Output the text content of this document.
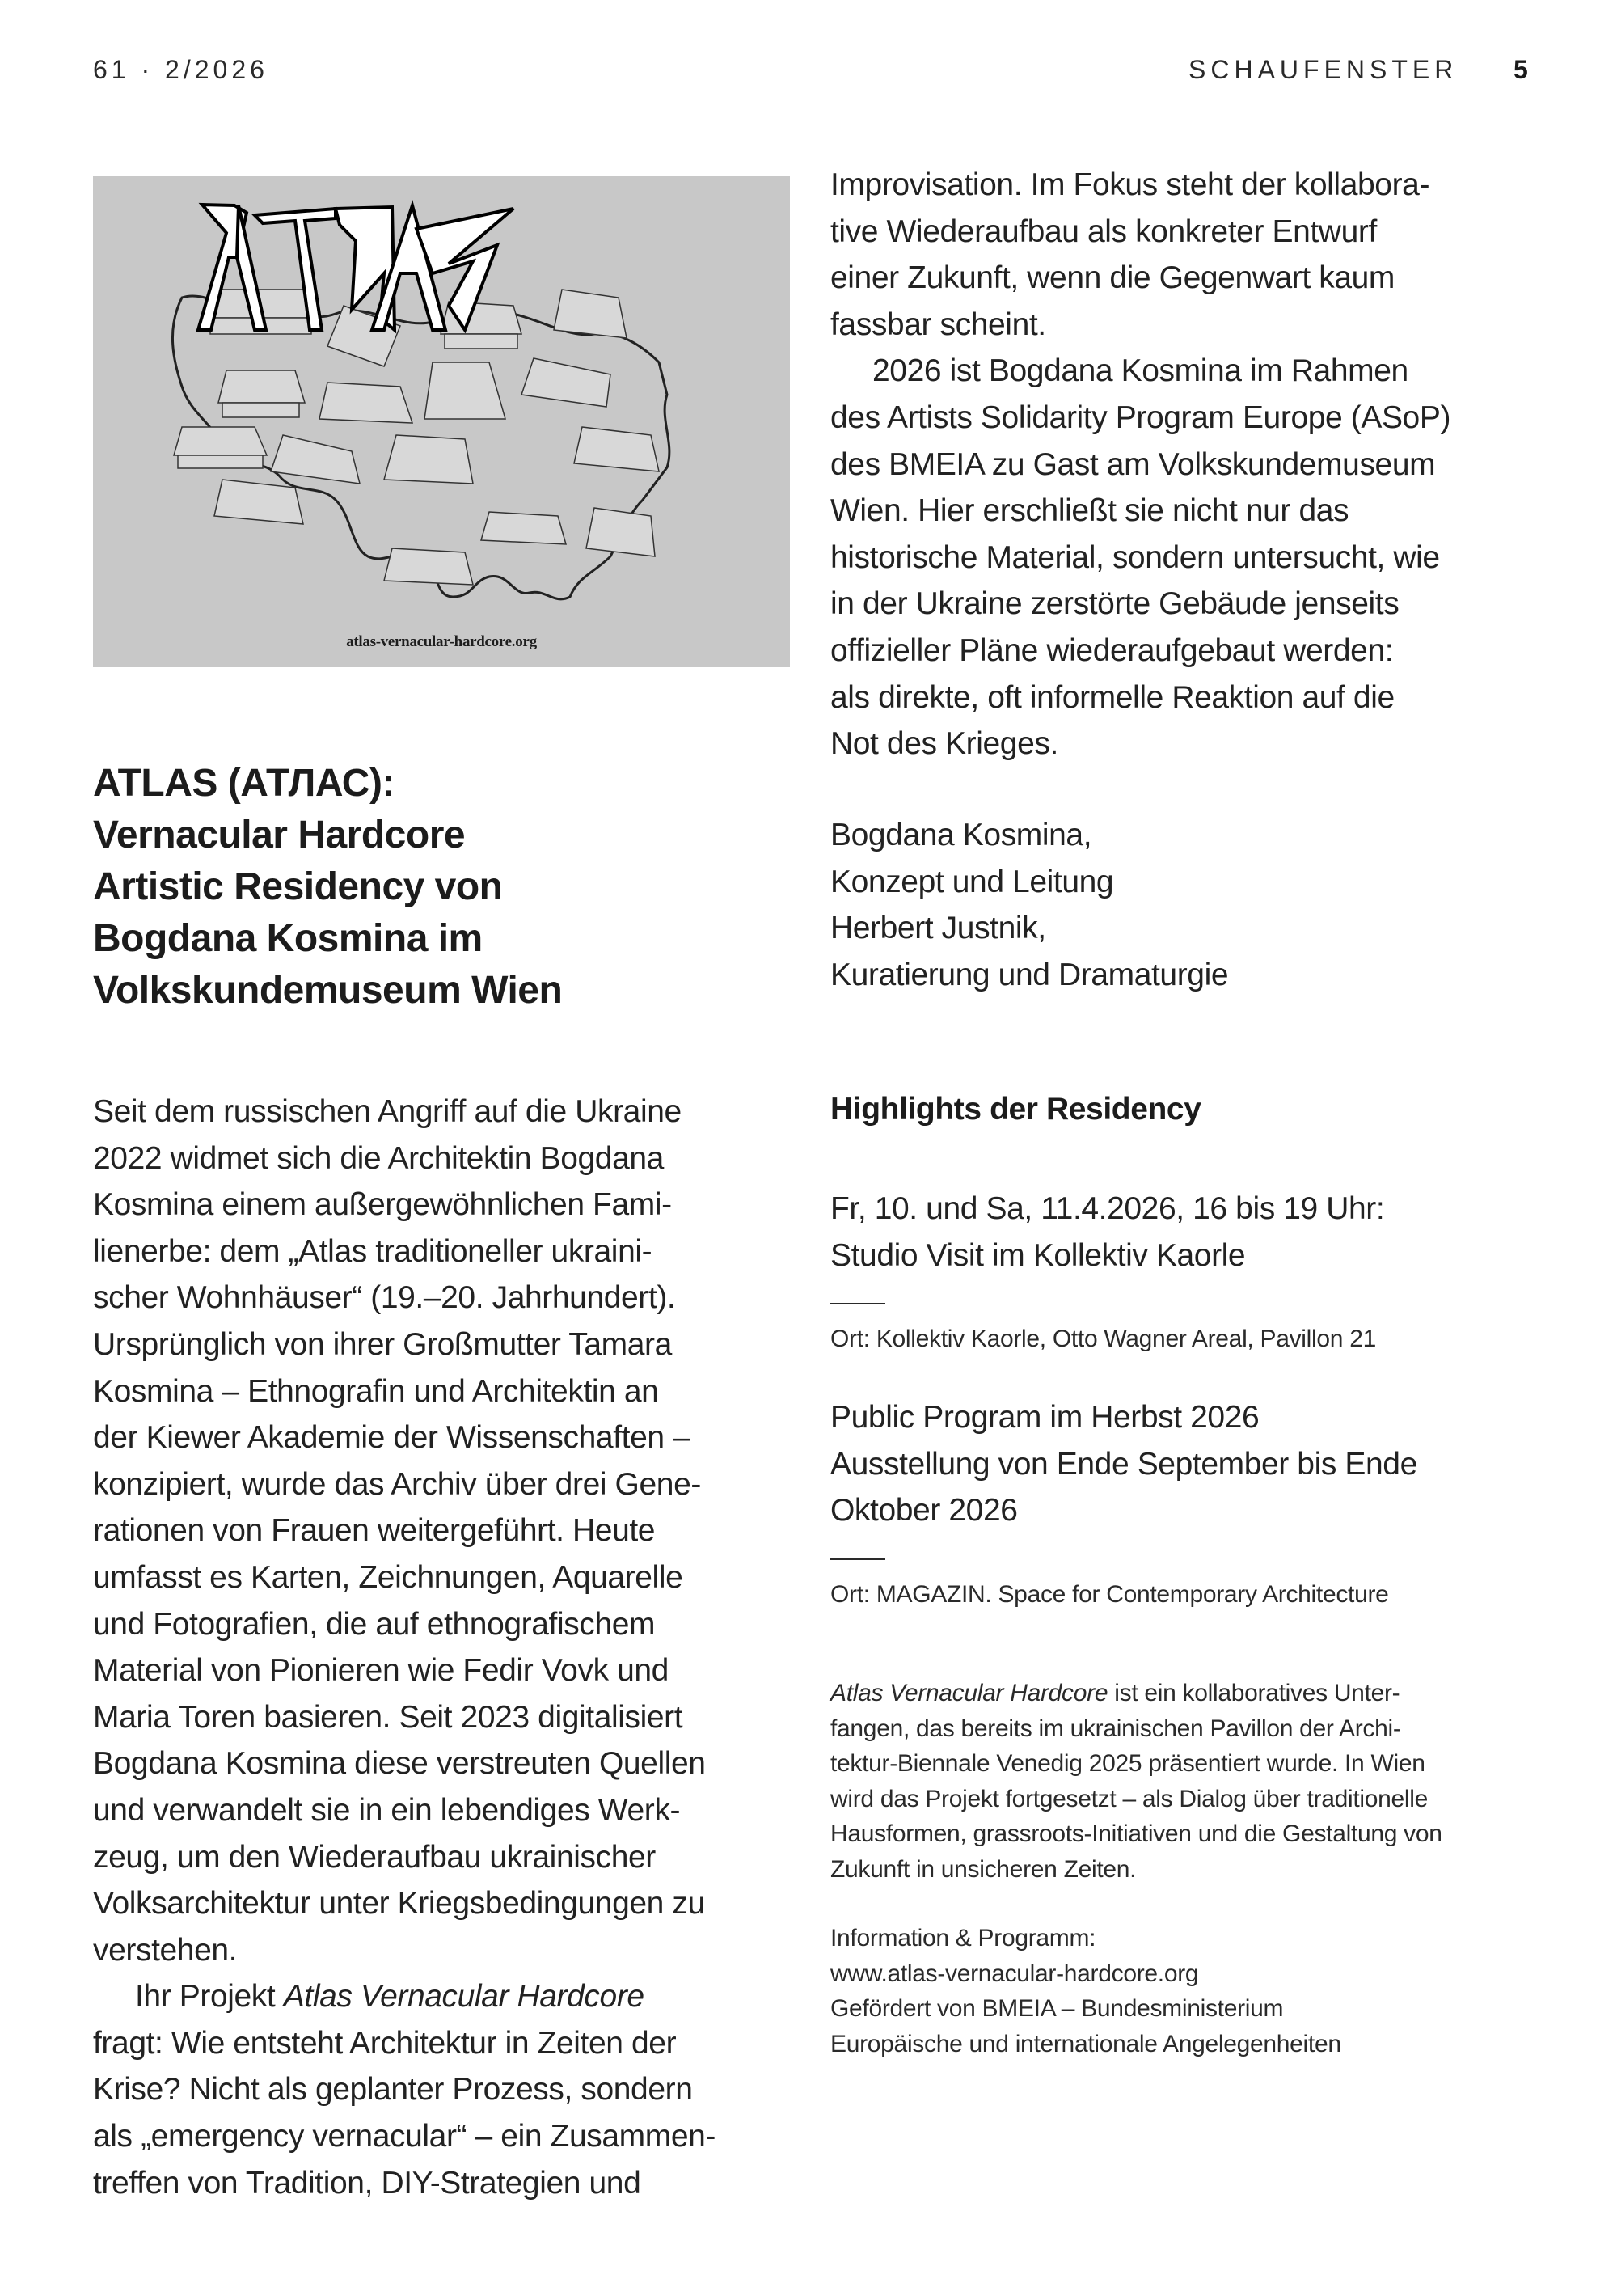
61 · 2/2026	SCHAUFENSTER 5
atlas-vernacular-hardcore.org
ATLAS (АТЛАС):
Vernacular Hardcore
Artistic Residency von
Bogdana Kosmina im
Volkskundemuseum Wien
Seit dem russischen Angriff auf die Ukraine
2022 widmet sich die Architektin Bogdana
Kosmina einem außergewöhnlichen Fami-
lienerbe: dem „Atlas traditioneller ukraini-
scher Wohnhäuser“ (19.–20. Jahrhundert).
Ursprünglich von ihrer Großmutter Tamara
Kosmina – Ethnografin und Architektin an
der Kiewer Akademie der Wissenschaften –
konzipiert, wurde das Archiv über drei Gene-
rationen von Frauen weitergeführt. Heute
umfasst es Karten, Zeichnungen, Aquarelle
und Fotografien, die auf ethnografischem
Material von Pionieren wie Fedir Vovk und
Maria Toren basieren. Seit 2023 digitalisiert
Bogdana Kosmina diese verstreuten Quellen
und verwandelt sie in ein lebendiges Werk-
zeug, um den Wiederaufbau ukrainischer
Volksarchitektur unter Kriegsbedingungen zu
verstehen.
Ihr Projekt Atlas Vernacular Hardcore
fragt: Wie entsteht Architektur in Zeiten der
Krise? Nicht als geplanter Prozess, sondern
als „emergency vernacular“ – ein Zusammen-
treffen von Tradition, DIY-Strategien und
Improvisation. Im Fokus steht der kollabora-
tive Wiederaufbau als konkreter Entwurf
einer Zukunft, wenn die Gegenwart kaum
fassbar scheint.
2026 ist Bogdana Kosmina im Rahmen
des Artists Solidarity Program Europe (ASoP)
des BMEIA zu Gast am Volkskundemuseum
Wien. Hier erschließt sie nicht nur das
historische Material, sondern untersucht, wie
in der Ukraine zerstörte Gebäude jenseits
offizieller Pläne wiederaufgebaut werden:
als direkte, oft informelle Reaktion auf die
Not des Krieges.
Bogdana Kosmina,
Konzept und Leitung
Herbert Justnik,
Kuratierung und Dramaturgie
Highlights der Residency
Fr, 10. und Sa, 11.4.2026, 16 bis 19 Uhr:
Studio Visit im Kollektiv Kaorle
Ort: Kollektiv Kaorle, Otto Wagner Areal, Pavillon 21
Public Program im Herbst 2026
Ausstellung von Ende September bis Ende
Oktober 2026
Ort: MAGAZIN. Space for Contemporary Architecture
Atlas Vernacular Hardcore ist ein kollaboratives Unter-
fangen, das bereits im ukrainischen Pavillon der Archi-
tektur-Biennale Venedig 2025 präsentiert wurde. In Wien
wird das Projekt fortgesetzt – als Dialog über traditionelle
Hausformen, grassroots-Initiativen und die Gestaltung von
Zukunft in unsicheren Zeiten.
Information & Programm:
www.atlas-vernacular-hardcore.org
Gefördert von BMEIA – Bundesministerium
Europäische und internationale Angelegenheiten
